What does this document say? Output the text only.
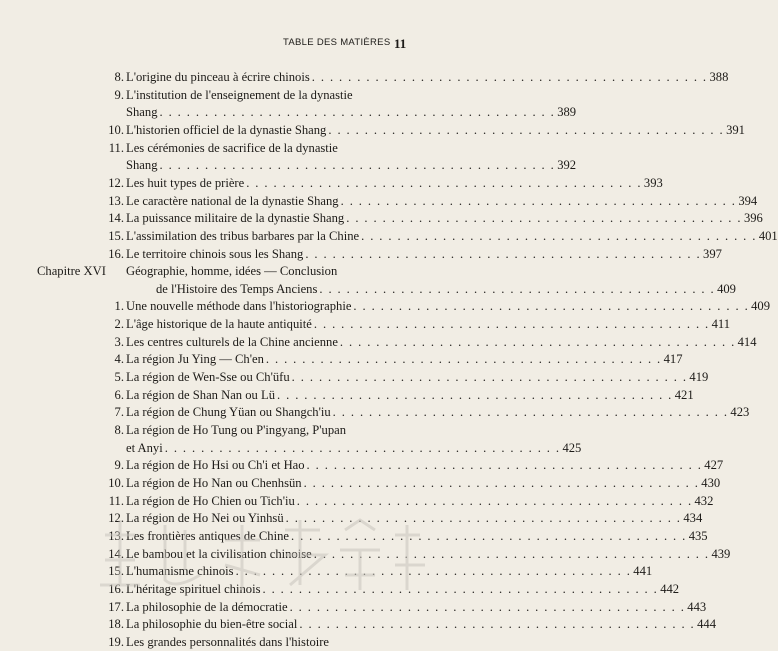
TABLE DES MATIÈRES 11
8. L'origine du pinceau à écrire chinois . . . . . . . . . . . . . . . . . . . . . . . . . . . . . . . . . . . . . . . . . . . . 388
9. L'institution de l'enseignement de la dynastie
Shang . . . . . . . . . . . . . . . . . . . . . . . . . . . . . . . . . . . . . . . . . . . . 389
10. L'historien officiel de la dynastie Shang . . . . . . . . . . . . . . . . . . . . . . . . . . . . . . . . . . . . . . . . . . . . 391
11. Les cérémonies de sacrifice de la dynastie
Shang . . . . . . . . . . . . . . . . . . . . . . . . . . . . . . . . . . . . . . . . . . . . 392
12. Les huit types de prière . . . . . . . . . . . . . . . . . . . . . . . . . . . . . . . . . . . . . . . . . . . . 393
13. Le caractère national de la dynastie Shang . . . . . . . . . . . . . . . . . . . . . . . . . . . . . . . . . . . . . . . . . . . . 394
14. La puissance militaire de la dynastie Shang . . . . . . . . . . . . . . . . . . . . . . . . . . . . . . . . . . . . . . . . . . . . 396
15. L'assimilation des tribus barbares par la Chine . . . . . . . . . . . . . . . . . . . . . . . . . . . . . . . . . . . . . . . . . . . . 401
16. Le territoire chinois sous les Shang . . . . . . . . . . . . . . . . . . . . . . . . . . . . . . . . . . . . . . . . . . . . 397
Chapitre XVI Géographie, homme, idées — Conclusion
de l'Histoire des Temps Anciens . . . . . . . . . . . . . . . . . . . . . . . . . . . . . . . . . . . . . . . . . . . . 409
1. Une nouvelle méthode dans l'historiographie . . . . . . . . . . . . . . . . . . . . . . . . . . . . . . . . . . . . . . . . . . . . 409
2. L'âge historique de la haute antiquité . . . . . . . . . . . . . . . . . . . . . . . . . . . . . . . . . . . . . . . . . . . . 411
3. Les centres culturels de la Chine ancienne . . . . . . . . . . . . . . . . . . . . . . . . . . . . . . . . . . . . . . . . . . . . 414
4. La région Ju Ying — Ch'en . . . . . . . . . . . . . . . . . . . . . . . . . . . . . . . . . . . . . . . . . . . . 417
5. La région de Wen-Sse ou Ch'üfu . . . . . . . . . . . . . . . . . . . . . . . . . . . . . . . . . . . . . . . . . . . . 419
6. La région de Shan Nan ou Lü . . . . . . . . . . . . . . . . . . . . . . . . . . . . . . . . . . . . . . . . . . . . 421
7. La région de Chung Yüan ou Shangch'iu . . . . . . . . . . . . . . . . . . . . . . . . . . . . . . . . . . . . . . . . . . . . 423
8. La région de Ho Tung ou P'ingyang, P'upan
et Anyi . . . . . . . . . . . . . . . . . . . . . . . . . . . . . . . . . . . . . . . . . . . . 425
9. La région de Ho Hsi ou Ch'i et Hao . . . . . . . . . . . . . . . . . . . . . . . . . . . . . . . . . . . . . . . . . . . . 427
10. La région de Ho Nan ou Chenhsün . . . . . . . . . . . . . . . . . . . . . . . . . . . . . . . . . . . . . . . . . . . . 430
11. La région de Ho Chien ou Tich'iu . . . . . . . . . . . . . . . . . . . . . . . . . . . . . . . . . . . . . . . . . . . . 432
12. La région de Ho Nei ou Yinhsü . . . . . . . . . . . . . . . . . . . . . . . . . . . . . . . . . . . . . . . . . . . . 434
13. Les frontières antiques de Chine . . . . . . . . . . . . . . . . . . . . . . . . . . . . . . . . . . . . . . . . . . . . 435
14. Le bambou et la civilisation chinoise . . . . . . . . . . . . . . . . . . . . . . . . . . . . . . . . . . . . . . . . . . . . 439
15. L'humanisme chinois . . . . . . . . . . . . . . . . . . . . . . . . . . . . . . . . . . . . . . . . . . . . 441
16. L'héritage spirituel chinois . . . . . . . . . . . . . . . . . . . . . . . . . . . . . . . . . . . . . . . . . . . . 442
17. La philosophie de la démocratie . . . . . . . . . . . . . . . . . . . . . . . . . . . . . . . . . . . . . . . . . . . . 443
18. La philosophie du bien-être social . . . . . . . . . . . . . . . . . . . . . . . . . . . . . . . . . . . . . . . . . . . . 444
19. Les grandes personnalités dans l'histoire
